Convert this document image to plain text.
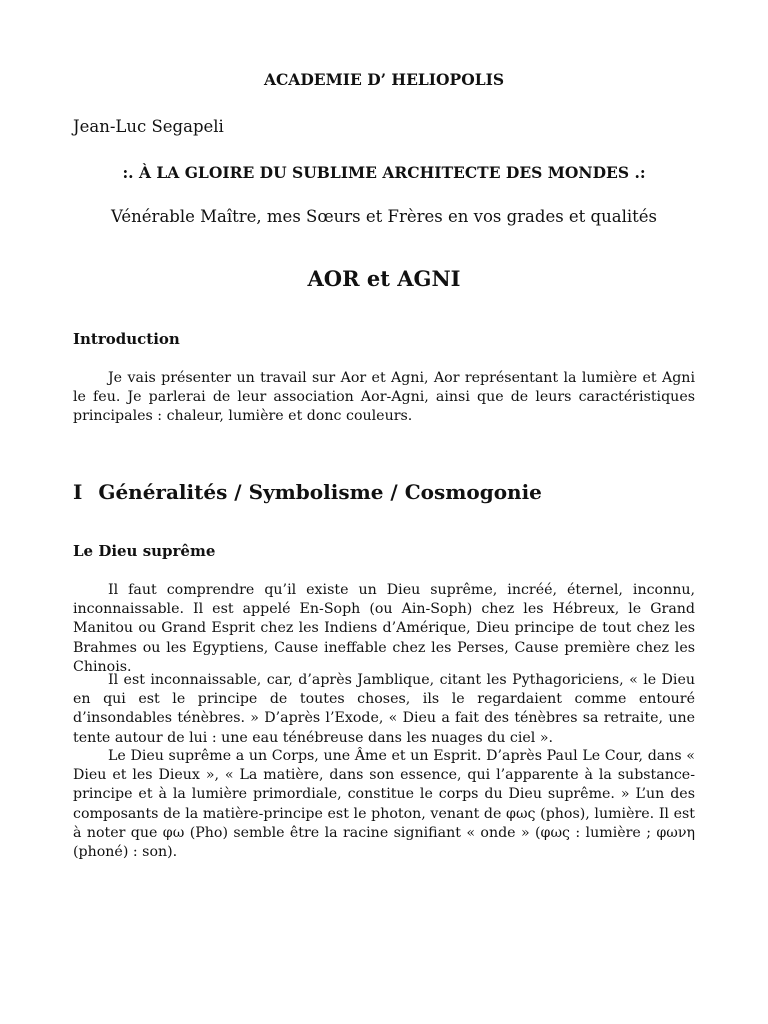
ACADEMIE D’ HELIOPOLIS
Jean-Luc Segapeli
:. À LA GLOIRE DU SUBLIME ARCHITECTE DES MONDES .:
Vénérable Maître, mes Sœurs et Frères en vos grades et qualités
AOR et AGNI
Introduction

Je vais présenter un travail sur Aor et Agni, Aor représentant la lumière et Agni le feu. Je parlerai de leur association Aor-Agni, ainsi que de leurs caractéristiques principales : chaleur, lumière et donc couleurs.

I Généralités / Symbolisme / Cosmogonie
Le Dieu suprême

Il faut comprendre qu’il existe un Dieu suprême, incréé, éternel, inconnu, inconnaissable. Il est appelé En-Soph (ou Ain-Soph) chez les Hébreux, le Grand Manitou ou Grand Esprit chez les Indiens d’Amérique, Dieu principe de tout chez les Brahmes ou les Egyptiens, Cause ineffable chez les Perses, Cause première chez les Chinois.

Il est inconnaissable, car, d’après Jamblique, citant les Pythagoriciens, « le Dieu en qui est le principe de toutes choses, ils le regardaient comme entouré d’insondables ténèbres. » D’après l’Exode, « Dieu a fait des ténèbres sa retraite, une tente autour de lui : une eau ténébreuse dans les nuages du ciel ».

Le Dieu suprême a un Corps, une Âme et un Esprit. D’après Paul Le Cour, dans « Dieu et les Dieux », « La matière, dans son essence, qui l’apparente à la substance-principe et à la lumière primordiale, constitue le corps du Dieu suprême. » L’un des composants de la matière-principe est le photon, venant de φως (phos), lumière. Il est à noter que φω (Pho) semble être la racine signifiant « onde » (φως : lumière ; φωνη (phoné) : son).
